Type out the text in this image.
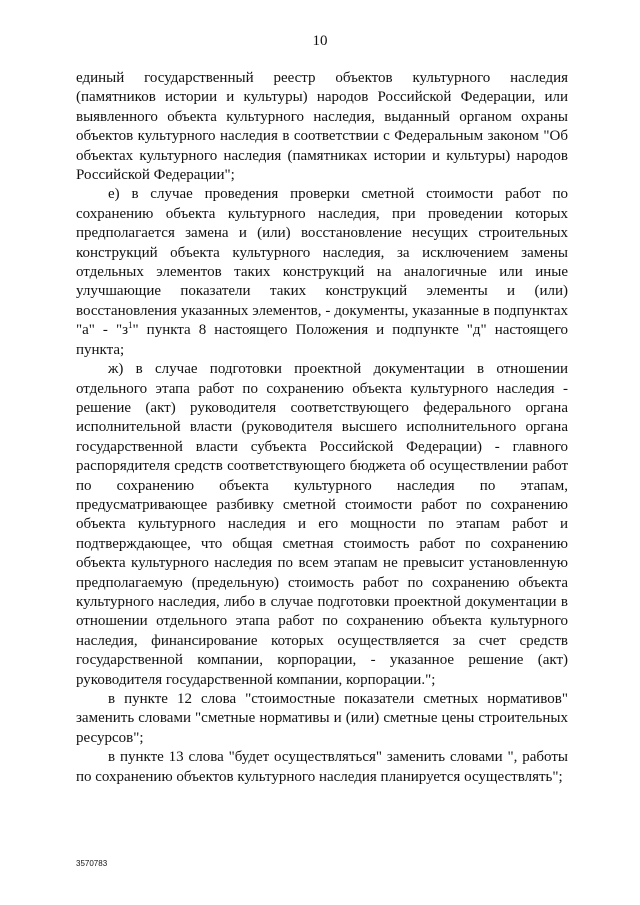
10

единый государственный реестр объектов культурного наследия (памятников истории и культуры) народов Российской Федерации, или выявленного объекта культурного наследия, выданный органом охраны объектов культурного наследия в соответствии с Федеральным законом "Об объектах культурного наследия (памятниках истории и культуры) народов Российской Федерации";

е) в случае проведения проверки сметной стоимости работ по сохранению объекта культурного наследия, при проведении которых предполагается замена и (или) восстановление несущих строительных конструкций объекта культурного наследия, за исключением замены отдельных элементов таких конструкций на аналогичные или иные улучшающие показатели таких конструкций элементы и (или) восстановления указанных элементов, - документы, указанные в подпунктах "а" - "$з^1$" пункта 8 настоящего Положения и подпункте "д" настоящего пункта;

ж) в случае подготовки проектной документации в отношении отдельного этапа работ по сохранению объекта культурного наследия - решение (акт) руководителя соответствующего федерального органа исполнительной власти (руководителя высшего исполнительного органа государственной власти субъекта Российской Федерации) - главного распорядителя средств соответствующего бюджета об осуществлении работ по сохранению объекта культурного наследия по этапам, предусматривающее разбивку сметной стоимости работ по сохранению объекта культурного наследия и его мощности по этапам работ и подтверждающее, что общая сметная стоимость работ по сохранению объекта культурного наследия по всем этапам не превысит установленную предполагаемую (предельную) стоимость работ по сохранению объекта культурного наследия, либо в случае подготовки проектной документации в отношении отдельного этапа работ по сохранению объекта культурного наследия, финансирование которых осуществляется за счет средств государственной компании, корпорации, - указанное решение (акт) руководителя государственной компании, корпорации.";

в пункте 12 слова "стоимостные показатели сметных нормативов" заменить словами "сметные нормативы и (или) сметные цены строительных ресурсов";

в пункте 13 слова "будет осуществляться" заменить словами ", работы по сохранению объектов культурного наследия планируется осуществлять";

3570783
